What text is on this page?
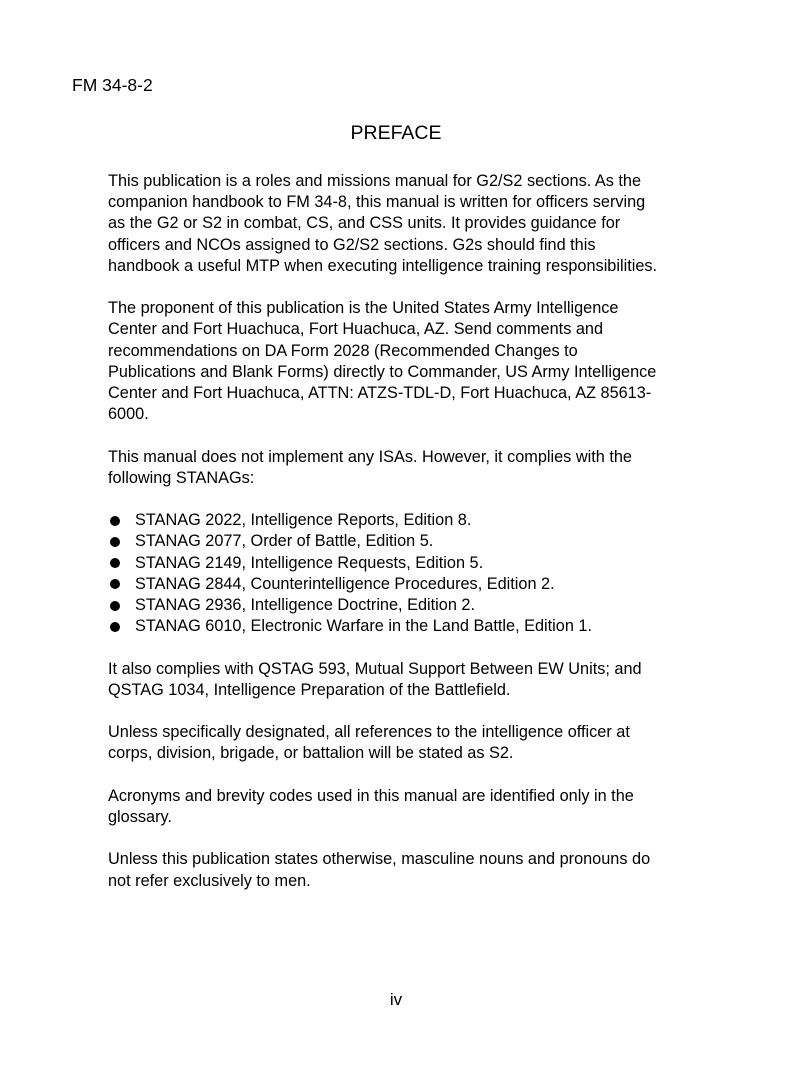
FM 34-8-2
PREFACE

This publication is a roles and missions manual for G2/S2 sections. As the
companion handbook to FM 34-8, this manual is written for officers serving
as the G2 or S2 in combat, CS, and CSS units. It provides guidance for
officers and NCOs assigned to G2/S2 sections. G2s should find this
handbook a useful MTP when executing intelligence training responsibilities.

The proponent of this publication is the United States Army Intelligence
Center and Fort Huachuca, Fort Huachuca, AZ. Send comments and
recommendations on DA Form 2028 (Recommended Changes to
Publications and Blank Forms) directly to Commander, US Army Intelligence
Center and Fort Huachuca, ATTN: ATZS-TDL-D, Fort Huachuca, AZ 85613-
6000.

This manual does not implement any ISAs. However, it complies with the
following STANAGs:

STANAG 2022, Intelligence Reports, Edition 8.
STANAG 2077, Order of Battle, Edition 5.
STANAG 2149, Intelligence Requests, Edition 5.
STANAG 2844, Counterintelligence Procedures, Edition 2.
STANAG 2936, Intelligence Doctrine, Edition 2.
STANAG 6010, Electronic Warfare in the Land Battle, Edition 1.

It also complies with QSTAG 593, Mutual Support Between EW Units; and
QSTAG 1034, Intelligence Preparation of the Battlefield.

Unless specifically designated, all references to the intelligence officer at
corps, division, brigade, or battalion will be stated as S2.

Acronyms and brevity codes used in this manual are identified only in the
glossary.

Unless this publication states otherwise, masculine nouns and pronouns do
not refer exclusively to men.

iv
